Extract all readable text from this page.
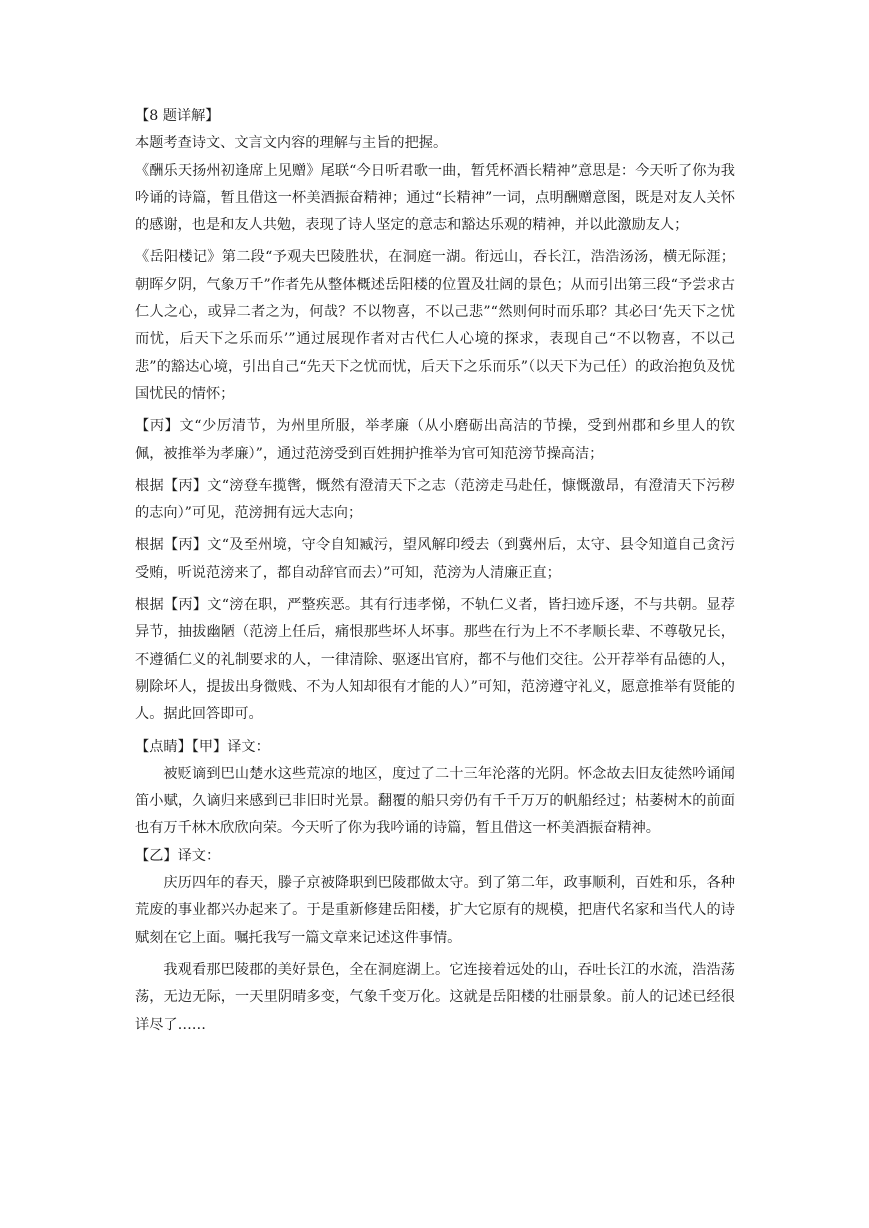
【8 题详解】

本题考查诗文、文言文内容的理解与主旨的把握。

《酬乐天扬州初逢席上见赠》尾联“今日听君歌一曲，暂凭杯酒长精神”意思是：今天听了你为我吟诵的诗篇，暂且借这一杯美酒振奋精神；通过“长精神”一词，点明酬赠意图，既是对友人关怀的感谢，也是和友人共勉，表现了诗人坚定的意志和豁达乐观的精神，并以此激励友人；

《岳阳楼记》第二段“予观夫巴陵胜状，在洞庭一湖。衔远山，吞长江，浩浩汤汤，横无际涯；朝晖夕阴，气象万千”作者先从整体概述岳阳楼的位置及壮阔的景色；从而引出第三段“予尝求古仁人之心，或异二者之为，何哉？不以物喜，不以己悲”“然则何时而乐耶？其必曰‘先天下之忧而忧，后天下之乐而乐’”通过展现作者对古代仁人心境的探求，表现自己“不以物喜，不以己悲”的豁达心境，引出自己“先天下之忧而忧，后天下之乐而乐”（以天下为己任）的政治抱负及忧国忧民的情怀；

【丙】文“少厉清节，为州里所服，举孝廉（从小磨砺出高洁的节操，受到州郡和乡里人的钦佩，被推举为孝廉）”，通过范滂受到百姓拥护推举为官可知范滂节操高洁；

根据【丙】文“滂登车揽辔，慨然有澄清天下之志（范滂走马赴任，慷慨激昂，有澄清天下污秽的志向）”可见，范滂拥有远大志向；

根据【丙】文“及至州境，守令自知臧污，望风解印绶去（到冀州后，太守、县令知道自己贪污受贿，听说范滂来了，都自动辞官而去）”可知，范滂为人清廉正直；

根据【丙】文“滂在职，严整疾恶。其有行违孝悌，不轨仁义者，皆扫迹斥逐，不与共朝。显荐异节，抽拔幽陋（范滂上任后，痛恨那些坏人坏事。那些在行为上不不孝顺长辈、不尊敬兄长，不遵循仁义的礼制要求的人，一律清除、驱逐出官府，都不与他们交往。公开荐举有品德的人，剔除坏人，提拔出身微贱、不为人知却很有才能的人）”可知，范滂遵守礼义，愿意推举有贤能的人。据此回答即可。

【点睛】【甲】译文：

被贬谪到巴山楚水这些荒凉的地区，度过了二十三年沦落的光阴。怀念故去旧友徒然吟诵闻笛小赋，久谪归来感到已非旧时光景。翻覆的船只旁仍有千千万万的帆船经过；枯萎树木的前面也有万千林木欣欣向荣。今天听了你为我吟诵的诗篇，暂且借这一杯美酒振奋精神。

【乙】译文：

庆历四年的春天，滕子京被降职到巴陵郡做太守。到了第二年，政事顺利，百姓和乐，各种荒废的事业都兴办起来了。于是重新修建岳阳楼，扩大它原有的规模，把唐代名家和当代人的诗赋刻在它上面。嘱托我写一篇文章来记述这件事情。

我观看那巴陵郡的美好景色，全在洞庭湖上。它连接着远处的山，吞吐长江的水流，浩浩荡荡，无边无际，一天里阴晴多变，气象千变万化。这就是岳阳楼的壮丽景象。前人的记述已经很详尽了……
